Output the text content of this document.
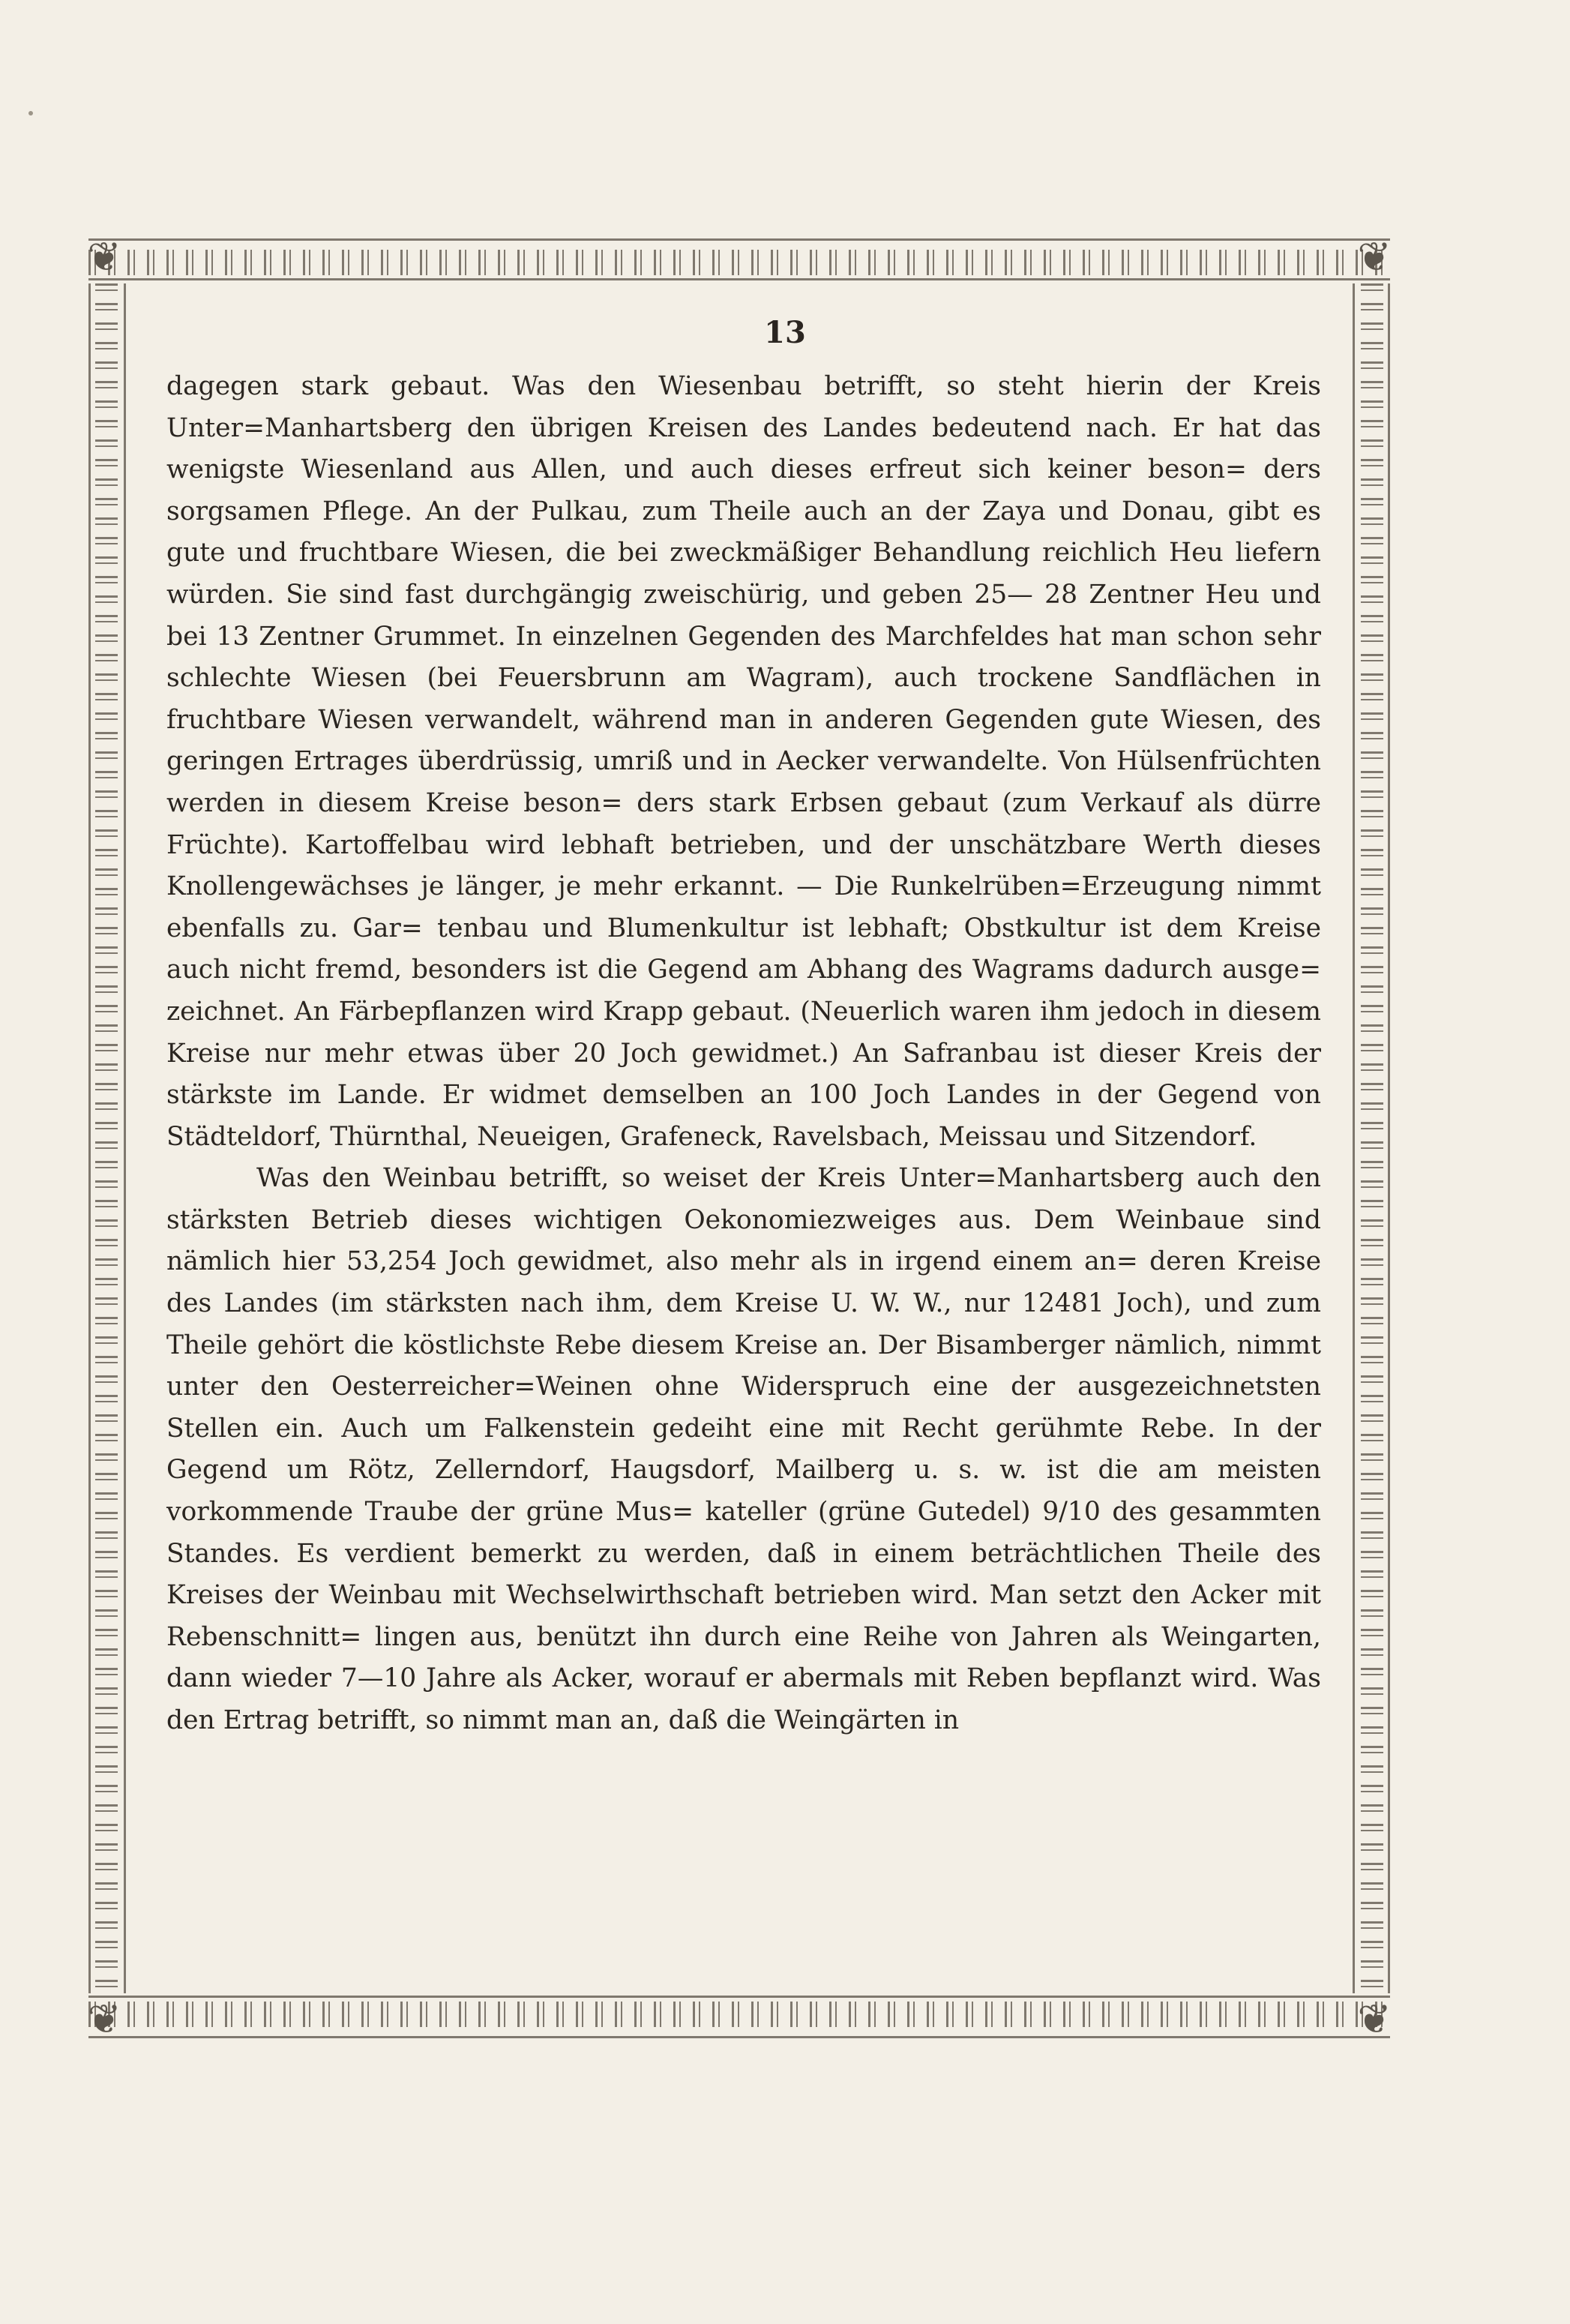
❦	❦
❦	❦
13

dagegen stark gebaut. Was den Wiesenbau betrifft, so steht hierin der Kreis Unter=Manhartsberg den übrigen Kreisen des Landes bedeutend nach. Er hat das wenigste Wiesenland aus Allen, und auch dieses erfreut sich keiner beson= ders sorgsamen Pflege. An der Pulkau, zum Theile auch an der Zaya und Donau, gibt es gute und fruchtbare Wiesen, die bei zweckmäßiger Behandlung reichlich Heu liefern würden. Sie sind fast durchgängig zweischürig, und geben 25— 28 Zentner Heu und bei 13 Zentner Grummet. In einzelnen Gegenden des Marchfeldes hat man schon sehr schlechte Wiesen (bei Feuersbrunn am Wagram), auch trockene Sandflächen in fruchtbare Wiesen verwandelt, während man in anderen Gegenden gute Wiesen, des geringen Ertrages überdrüssig, umriß und in Aecker verwandelte. Von Hülsenfrüchten werden in diesem Kreise beson= ders stark Erbsen gebaut (zum Verkauf als dürre Früchte). Kartoffelbau wird lebhaft betrieben, und der unschätzbare Werth dieses Knollengewächses je länger, je mehr erkannt. — Die Runkelrüben=Erzeugung nimmt ebenfalls zu. Gar= tenbau und Blumenkultur ist lebhaft; Obstkultur ist dem Kreise auch nicht fremd, besonders ist die Gegend am Abhang des Wagrams dadurch ausge= zeichnet. An Färbepflanzen wird Krapp gebaut. (Neuerlich waren ihm jedoch in diesem Kreise nur mehr etwas über 20 Joch gewidmet.) An Safranbau ist dieser Kreis der stärkste im Lande. Er widmet demselben an 100 Joch Landes in der Gegend von Städteldorf, Thürnthal, Neueigen, Grafeneck, Ravelsbach, Meissau und Sitzendorf.

Was den Weinbau betrifft, so weiset der Kreis Unter=Manhartsberg auch den stärksten Betrieb dieses wichtigen Oekonomiezweiges aus. Dem Weinbaue sind nämlich hier 53,254 Joch gewidmet, also mehr als in irgend einem an= deren Kreise des Landes (im stärksten nach ihm, dem Kreise U. W. W., nur 12481 Joch), und zum Theile gehört die köstlichste Rebe diesem Kreise an. Der Bisamberger nämlich, nimmt unter den Oesterreicher=Weinen ohne Widerspruch eine der ausgezeichnetsten Stellen ein. Auch um Falkenstein gedeiht eine mit Recht gerühmte Rebe. In der Gegend um Rötz, Zellerndorf, Haugsdorf, Mailberg u. s. w. ist die am meisten vorkommende Traube der grüne Mus= kateller (grüne Gutedel) 9/10 des gesammten Standes. Es verdient bemerkt zu werden, daß in einem beträchtlichen Theile des Kreises der Weinbau mit Wechselwirthschaft betrieben wird. Man setzt den Acker mit Rebenschnitt= lingen aus, benützt ihn durch eine Reihe von Jahren als Weingarten, dann wieder 7—10 Jahre als Acker, worauf er abermals mit Reben bepflanzt wird. Was den Ertrag betrifft, so nimmt man an, daß die Weingärten in
